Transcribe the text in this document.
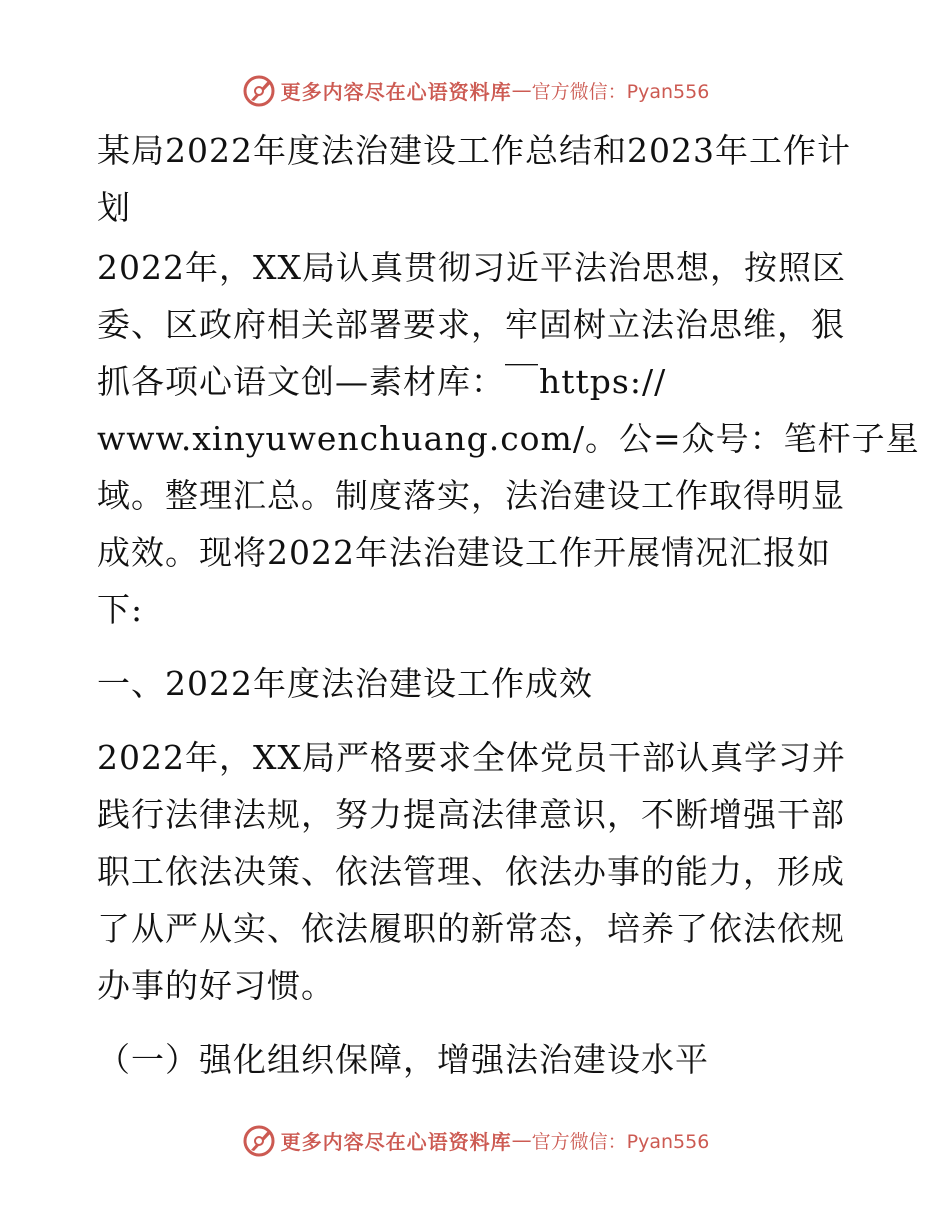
更多内容尽在心语资料库 — 官方微信：Pyan556

某局2022年度法治建设工作总结和2023年工作计
划

2022年，XX局认真贯彻习近平法治思想，按照区
委、区政府相关部署要求，牢固树立法治思维，狠
抓各项心语文创—素材库：￣https://
www.xinyuwenchuang.com/。公=众号：笔杆子星
域。整理汇总。制度落实，法治建设工作取得明显
成效。现将2022年法治建设工作开展情况汇报如
下:

一、2022年度法治建设工作成效

2022年，XX局严格要求全体党员干部认真学习并
践行法律法规，努力提高法律意识，不断增强干部
职工依法决策、依法管理、依法办事的能力，形成
了从严从实、依法履职的新常态，培养了依法依规
办事的好习惯。

（一）强化组织保障，增强法治建设水平

更多内容尽在心语资料库 — 官方微信：Pyan556
